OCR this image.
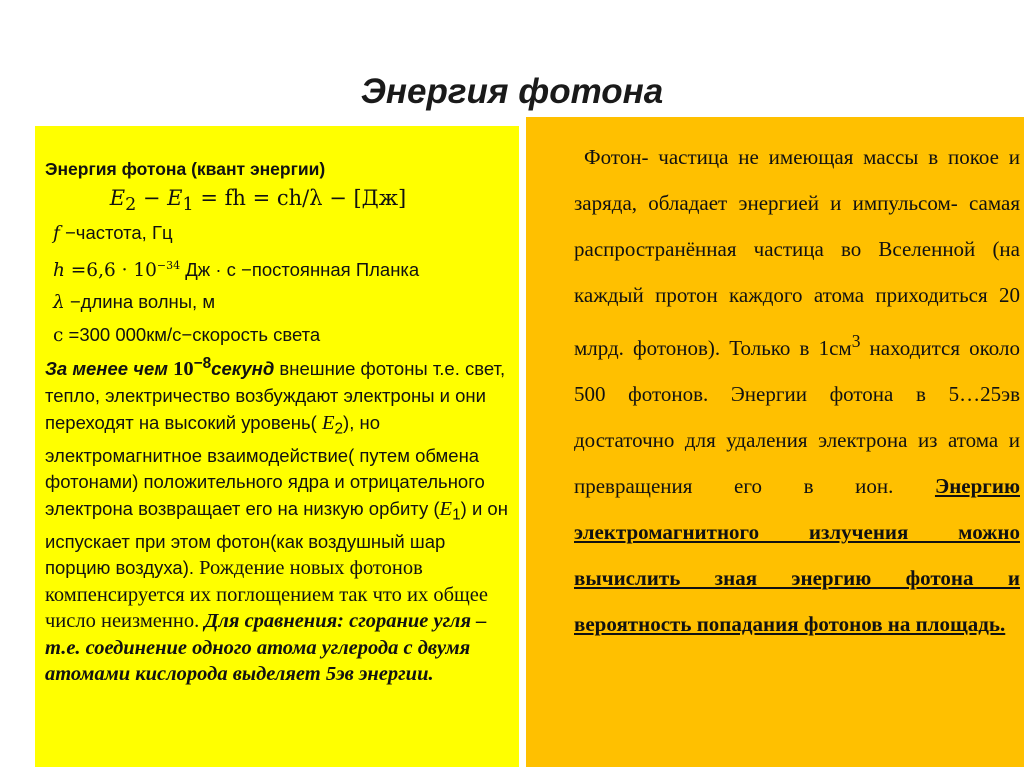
Энергия фотона
Энергия фотона (квант энергии)
$E_2 - E_1$ = fh = ch/λ − [Дж]
f −частота, Гц
$h =6,6 \cdot 10^{-34}$ Дж · с −постоянная Планка
λ −длина волны, м
с =300 000км/с−скорость света
За менее чем $10^{-8}секунд$ внешние фотоны т.е. свет, тепло, электричество возбуждают электроны и они переходят на высокий уровень( $E_2$), но электромагнитное взаимодействие( путем обмена фотонами) положительного ядра и отрицательного электрона возвращает его на низкую орбиту $(E_1)$ и он испускает при этом фотон(как воздушный шар порцию воздуха). Рождение новых фотонов компенсируется их поглощением так что их общее число неизменно. Для сравнения: сгорание угля – т.е. соединение одного атома углерода с двумя атомами кислорода выделяет 5эв энергии.
Фотон- частица не имеющая массы в покое и заряда, обладает энергией и импульсом- самая распространённая частица во Вселенной (на каждый протон каждого атома приходиться 20 млрд. фотонов). Только в $1см^3$ находится около 500 фотонов. Энергии фотона в 5…25эв достаточно для удаления электрона из атома и превращения его в ион. Энергию электромагнитного излучения можно вычислить зная энергию фотона и вероятность попадания фотонов на площадь.
